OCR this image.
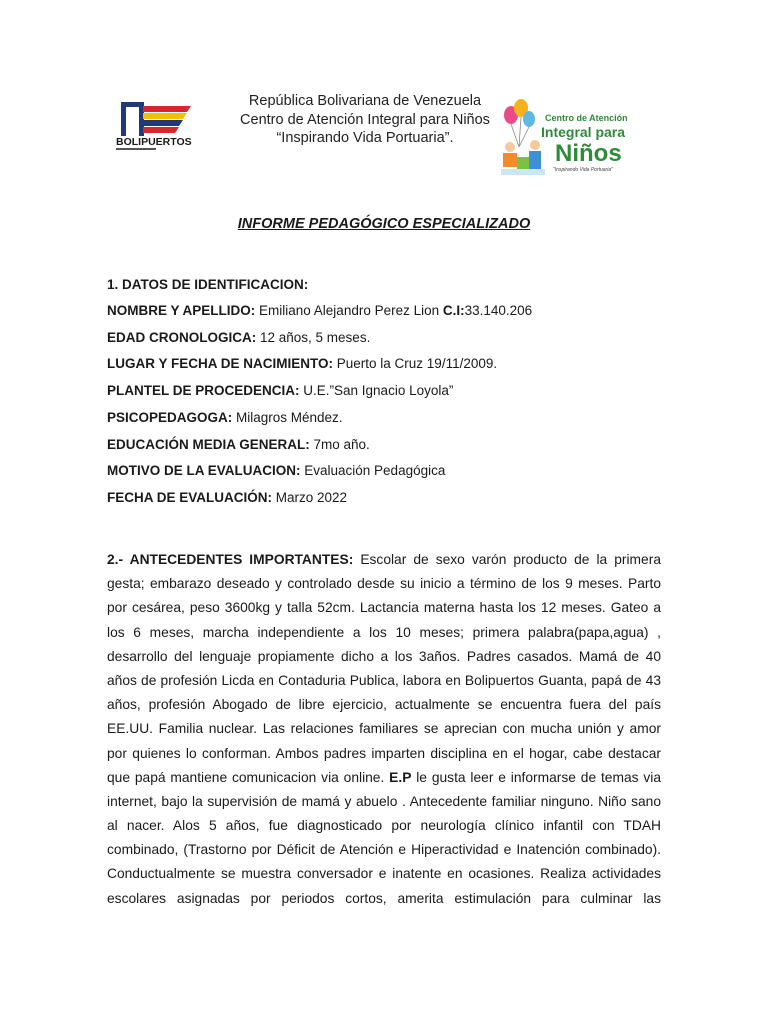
BOLIPUERTOS
República Bolivariana de Venezuela
Centro de Atención Integral para Niños
“Inspirando Vida Portuaria”.
Centro de Atención
Integral para
Niños
"Inspirando Vida Portuaria"
INFORME PEDAGÓGICO ESPECIALIZADO
1. DATOS DE IDENTIFICACION:
NOMBRE Y APELLIDO: Emiliano Alejandro Perez Lion C.I:33.140.206
EDAD CRONOLOGICA: 12 años, 5 meses.
LUGAR Y FECHA DE NACIMIENTO: Puerto la Cruz 19/11/2009.
PLANTEL DE PROCEDENCIA: U.E.”San Ignacio Loyola”
PSICOPEDAGOGA: Milagros Méndez.
EDUCACIÓN MEDIA GENERAL: 7mo año.
MOTIVO DE LA EVALUACION: Evaluación Pedagógica
FECHA DE EVALUACIÓN: Marzo 2022
2.- ANTECEDENTES IMPORTANTES: Escolar de sexo varón producto de la primera
gesta; embarazo deseado y controlado desde su inicio a término de los 9 meses. Parto
por cesárea, peso 3600kg y talla 52cm. Lactancia materna hasta los 12 meses. Gateo a
los 6 meses, marcha independiente a los 10 meses; primera palabra(papa,agua) ,
desarrollo del lenguaje propiamente dicho a los 3años. Padres casados. Mamá de 40
años de profesión Licda en Contaduria Publica, labora en Bolipuertos Guanta, papá de 43
años, profesión Abogado de libre ejercicio, actualmente se encuentra fuera del país
EE.UU. Familia nuclear. Las relaciones familiares se aprecian con mucha unión y amor
por quienes lo conforman. Ambos padres imparten disciplina en el hogar, cabe destacar
que papá mantiene comunicacion via online. E.P le gusta leer e informarse de temas via
internet, bajo la supervisión de mamá y abuelo . Antecedente familiar ninguno. Niño sano
al nacer. Alos 5 años, fue diagnosticado por neurología clínico infantil con TDAH
combinado, (Trastorno por Déficit de Atención e Hiperactividad e Inatención combinado).
Conductualmente se muestra conversador e inatente en ocasiones. Realiza actividades
escolares asignadas por periodos cortos, amerita estimulación para culminar las
